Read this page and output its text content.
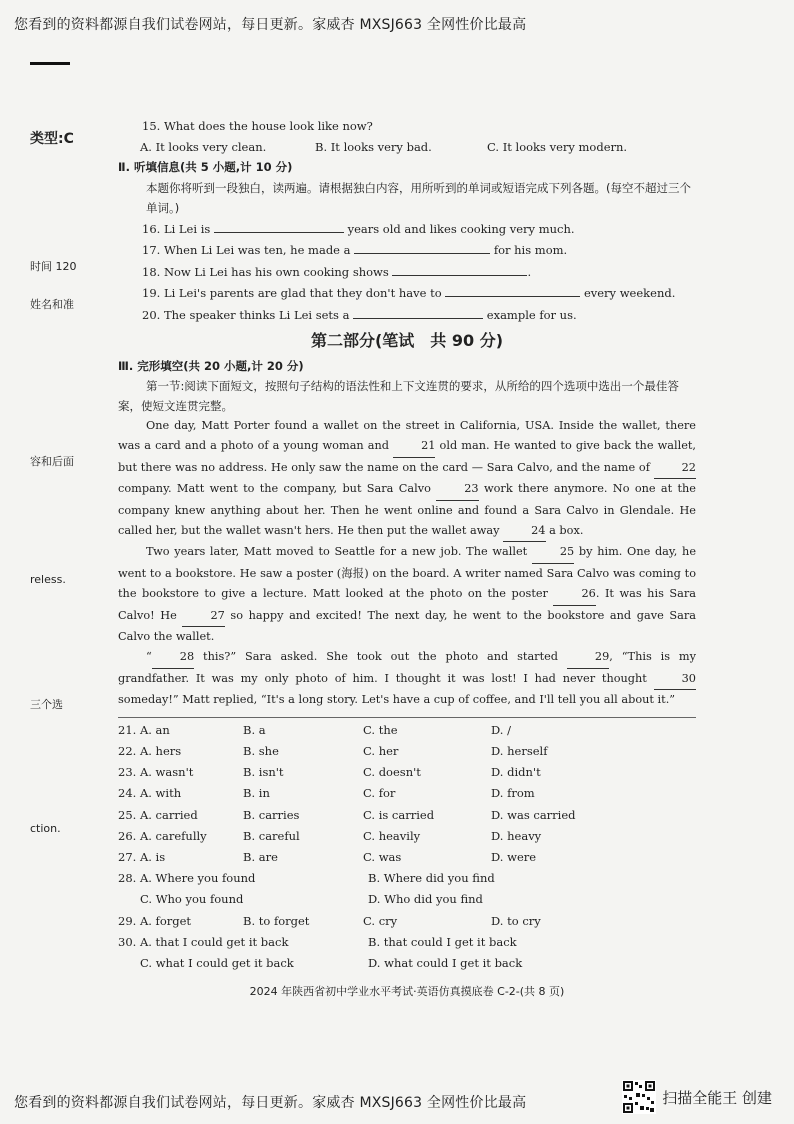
您看到的资料都源自我们试卷网站，每日更新。家威杏 MXSJ663 全网性价比最高
类型:C
时间 120
姓名和准
容和后面
reless.
三个选
ction.
15. What does the house look like now?
A. It looks very clean.	B. It looks very bad.	C. It looks very modern.
Ⅱ. 听填信息(共 5 小题,计 10 分)
本题你将听到一段独白，读两遍。请根据独白内容，用所听到的单词或短语完成下列各题。(每空不超过三个单词。)
16. Li Lei is	years old and likes cooking very much.
17. When Li Lei was ten, he made a	for his mom.
18. Now Li Lei has his own cooking shows	.
19. Li Lei's parents are glad that they don't have to	every weekend.
20. The speaker thinks Li Lei sets a	example for us.
第二部分(笔试　共 90 分)
Ⅲ. 完形填空(共 20 小题,计 20 分)
第一节:阅读下面短文，按照句子结构的语法性和上下文连贯的要求，从所给的四个选项中选出一个最佳答案，使短文连贯完整。
One day, Matt Porter found a wallet on the street in California, USA. Inside the wallet, there was a card and a photo of a young woman and	21 old man. He wanted to give back the wallet, but there was no address. He only saw the name on the card — Sara Calvo, and the name of	22 company. Matt went to the company, but Sara Calvo	23 work there anymore. No one at the company knew anything about her. Then he went online and found a Sara Calvo in Glendale. He called her, but the wallet wasn't hers. He then put the wallet away	24 a box.
Two years later, Matt moved to Seattle for a new job. The wallet	25 by him. One day, he went to a bookstore. He saw a poster (海报) on the board. A writer named Sara Calvo was coming to the bookstore to give a lecture. Matt looked at the photo on the poster	26. It was his Sara Calvo! He	27 so happy and excited! The next day, he went to the bookstore and gave Sara Calvo the wallet.
“ 28 this?” Sara asked. She took out the photo and started	29, “This is my grandfather. It was my only photo of him. I thought it was lost! I had never thought	30 someday!” Matt replied, “It's a long story. Let's have a cup of coffee, and I'll tell you all about it.”
21. A. an	B. a	C. the	D. /
22. A. hers	B. she	C. her	D. herself
23. A. wasn't	B. isn't	C. doesn't	D. didn't
24. A. with	B. in	C. for	D. from
25. A. carried	B. carries	C. is carried	D. was carried
26. A. carefully	B. careful	C. heavily	D. heavy
27. A. is	B. are	C. was	D. were
28. A. Where you found	B. Where did you find
C. Who you found	D. Who did you find
29. A. forget	B. to forget	C. cry	D. to cry
30. A. that I could get it back	B. that could I get it back
C. what I could get it back	D. what could I get it back
2024 年陕西省初中学业水平考试·英语仿真摸底卷 C-2-(共 8 页)
您看到的资料都源自我们试卷网站，每日更新。家威杏 MXSJ663 全网性价比最高	扫描全能王 创建
